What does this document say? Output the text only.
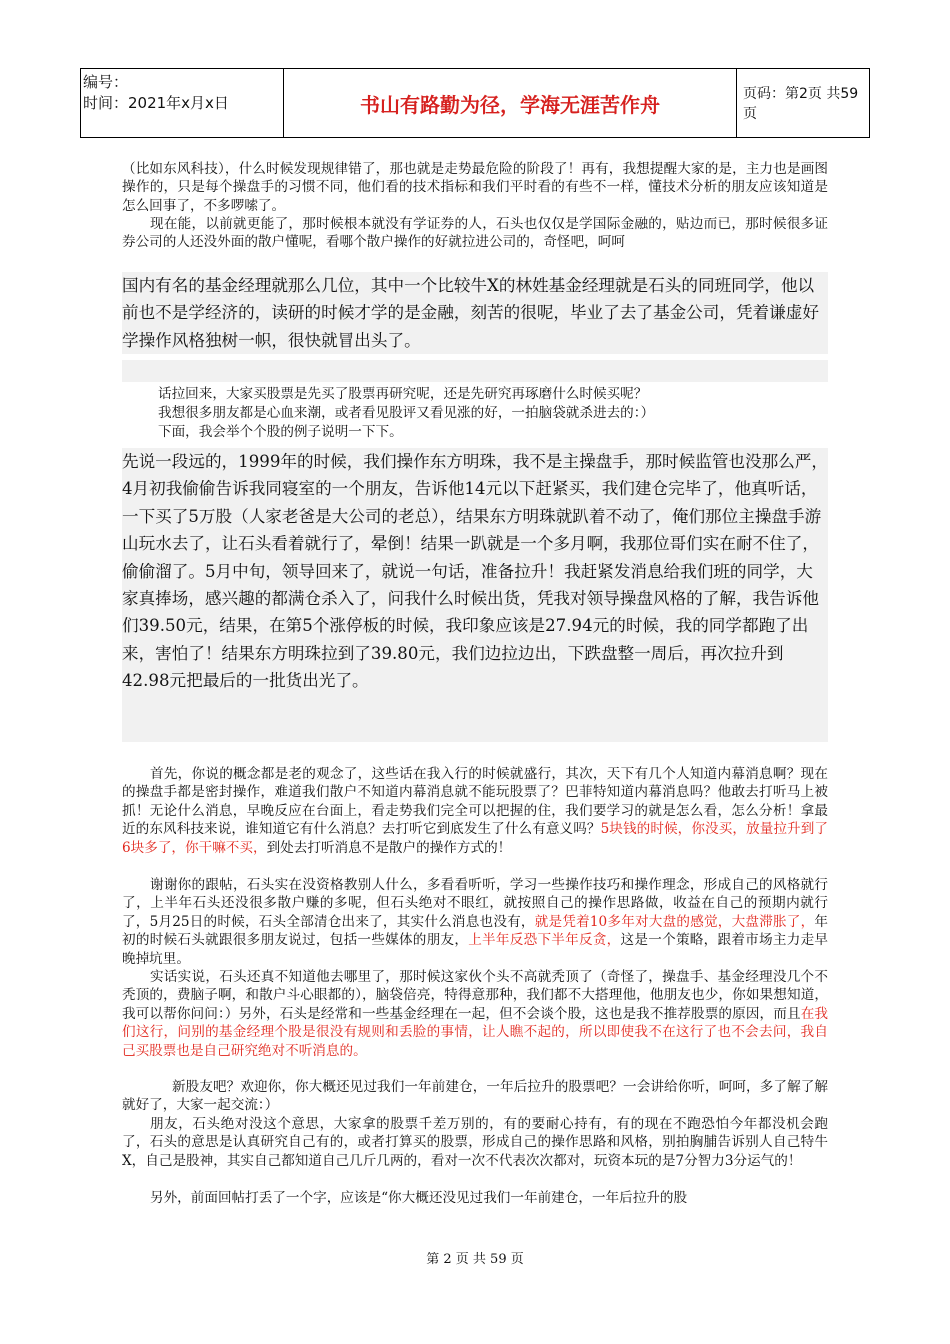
编号：
时间：2021年x月x日	书山有路勤为径，学海无涯苦作舟	页码：第2页 共59页

（比如东风科技），什么时候发现规律错了，那也就是走势最危险的阶段了！再有，我想提醒大家的是，主力也是画图操作的，只是每个操盘手的习惯不同，他们看的技术指标和我们平时看的有些不一样，懂技术分析的朋友应该知道是怎么回事了，不多啰嗦了。

现在能，以前就更能了，那时候根本就没有学证券的人，石头也仅仅是学国际金融的，贴边而已，那时候很多证券公司的人还没外面的散户懂呢，看哪个散户操作的好就拉进公司的，奇怪吧，呵呵

国内有名的基金经理就那么几位，其中一个比较牛X的林姓基金经理就是石头的同班同学，他以前也不是学经济的，读研的时候才学的是金融，刻苦的很呢，毕业了去了基金公司，凭着谦虚好学操作风格独树一帜，很快就冒出头了。

话拉回来，大家买股票是先买了股票再研究呢，还是先研究再琢磨什么时候买呢？

我想很多朋友都是心血来潮，或者看见股评又看见涨的好，一拍脑袋就杀进去的：）

下面，我会举个个股的例子说明一下下。

先说一段远的，1999年的时候，我们操作东方明珠，我不是主操盘手，那时候监管也没那么严，4月初我偷偷告诉我同寝室的一个朋友，告诉他14元以下赶紧买，我们建仓完毕了，他真听话，一下买了5万股（人家老爸是大公司的老总），结果东方明珠就趴着不动了，俺们那位主操盘手游山玩水去了，让石头看着就行了，晕倒！结果一趴就是一个多月啊，我那位哥们实在耐不住了，偷偷溜了。5月中旬，领导回来了，就说一句话，准备拉升！我赶紧发消息给我们班的同学，大家真捧场，感兴趣的都满仓杀入了，问我什么时候出货，凭我对领导操盘风格的了解，我告诉他们39.50元，结果，在第5个涨停板的时候，我印象应该是27.94元的时候，我的同学都跑了出来，害怕了！结果东方明珠拉到了39.80元，我们边拉边出，下跌盘整一周后，再次拉升到42.98元把最后的一批货出光了。

首先，你说的概念都是老的观念了，这些话在我入行的时候就盛行，其次，天下有几个人知道内幕消息啊？现在的操盘手都是密封操作，难道我们散户不知道内幕消息就不能玩股票了？巴菲特知道内幕消息吗？他敢去打听马上被抓！无论什么消息，早晚反应在台面上，看走势我们完全可以把握的住，我们要学习的就是怎么看，怎么分析！拿最近的东风科技来说，谁知道它有什么消息？去打听它到底发生了什么有意义吗？5块钱的时候，你没买，放量拉升到了6块多了，你干嘛不买，到处去打听消息不是散户的操作方式的！

谢谢你的跟帖，石头实在没资格教别人什么，多看看听听，学习一些操作技巧和操作理念，形成自己的风格就行了，上半年石头还没很多散户赚的多呢，但石头绝对不眼红，就按照自己的操作思路做，收益在自己的预期内就行了，5月25日的时候，石头全部清仓出来了，其实什么消息也没有，就是凭着10多年对大盘的感觉，大盘滞胀了，年初的时候石头就跟很多朋友说过，包括一些媒体的朋友，上半年反恐下半年反贪，这是一个策略，跟着市场主力走早晚掉坑里。

实话实说，石头还真不知道他去哪里了，那时候这家伙个头不高就秃顶了（奇怪了，操盘手、基金经理没几个不秃顶的，费脑子啊，和散户斗心眼都的），脑袋倍亮，特得意那种，我们都不大搭理他，他朋友也少，你如果想知道，我可以帮你问问：）另外，石头是经常和一些基金经理在一起，但不会谈个股，这也是我不推荐股票的原因，而且在我们这行，问别的基金经理个股是很没有规则和丢脸的事情，让人瞧不起的，所以即使我不在这行了也不会去问，我自己买股票也是自己研究绝对不听消息的。

新股友吧？欢迎你，你大概还见过我们一年前建仓，一年后拉升的股票吧？一会讲给你听，呵呵，多了解了解就好了，大家一起交流：）

朋友，石头绝对没这个意思，大家拿的股票千差万别的，有的要耐心持有，有的现在不跑恐怕今年都没机会跑了，石头的意思是认真研究自己有的，或者打算买的股票，形成自己的操作思路和风格，别拍胸脯告诉别人自己特牛X，自己是股神，其实自己都知道自己几斤几两的，看对一次不代表次次都对，玩资本玩的是7分智力3分运气的！

另外，前面回帖打丢了一个字，应该是“你大概还没见过我们一年前建仓，一年后拉升的股

第 2 页 共 59 页
